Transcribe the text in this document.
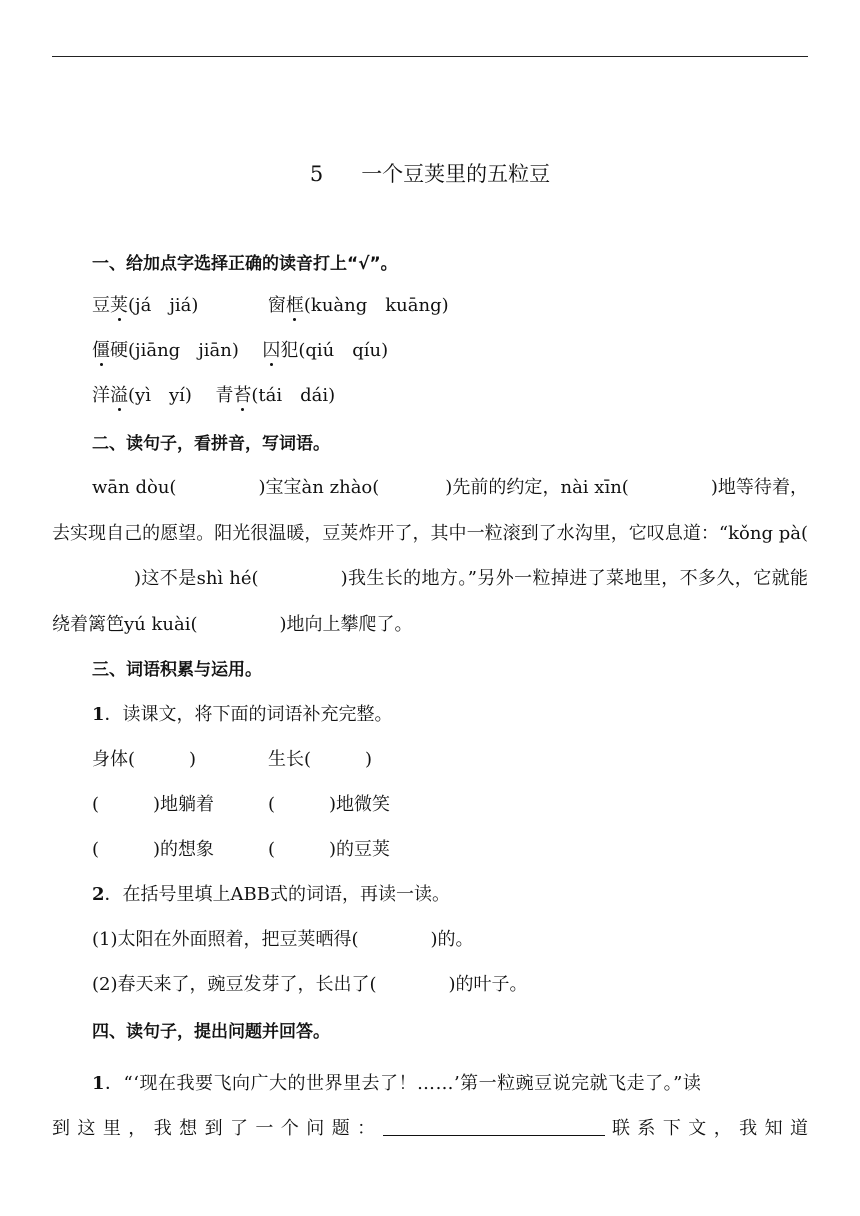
5 一个豆荚里的五粒豆
一、给加点字选择正确的读音打上“√”。
豆荚(já　jiá)	窗框(kuàng　kuāng)
僵硬(jiāng　jiān) 囚犯(qiú　qíu)
洋溢(yì　yí) 青苔(tái　dái)
二、读句子，看拼音，写词语。

wān dòu(	)宝宝àn zhào(	)先前的约定，nài xīn(	)地等待着，去实现自己的愿望。阳光很温暖，豆荚炸开了，其中一粒滚到了水沟里，它叹息道：“kǒng pà()这不是shì hé(	)我生长的地方。”另外一粒掉进了菜地里，不多久，它就能绕着篱笆yú kuài(	)地向上攀爬了。

三、词语积累与运用。
1．读课文，将下面的词语补充完整。
身体(　　　)	生长(　　　)
(　　　)地躺着	(　　　)地微笑
(　　　)的想象	(　　　)的豆荚
2．在括号里填上ABB式的词语，再读一读。
(1)太阳在外面照着，把豆荚晒得(　　　　)的。
(2)春天来了，豌豆发芽了，长出了(　　　　)的叶子。
四、读句子，提出问题并回答。

1．“‘现在我要飞向广大的世界里去了！……’第一粒豌豆说完就飞走了。”读

到这里，我想到了一个问题：	联系下文，我知道
